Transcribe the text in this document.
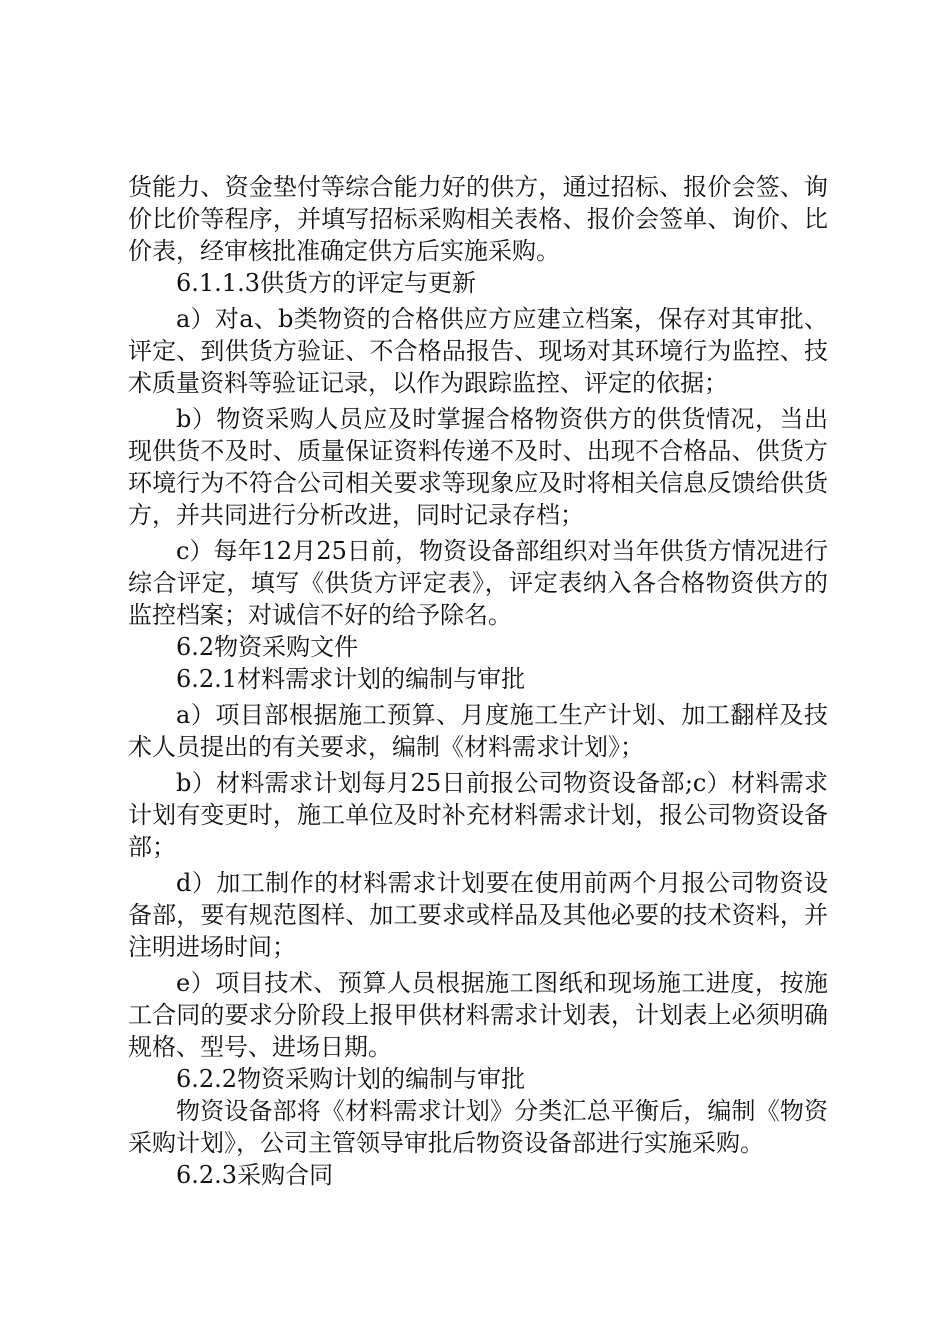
货能力、资金垫付等综合能力好的供方，通过招标、报价会签、询价比价等程序，并填写招标采购相关表格、报价会签单、询价、比价表，经审核批准确定供方后实施采购。

6.1.1.3供货方的评定与更新

a）对a、b类物资的合格供应方应建立档案，保存对其审批、评定、到供货方验证、不合格品报告、现场对其环境行为监控、技术质量资料等验证记录，以作为跟踪监控、评定的依据；

b）物资采购人员应及时掌握合格物资供方的供货情况，当出现供货不及时、质量保证资料传递不及时、出现不合格品、供货方环境行为不符合公司相关要求等现象应及时将相关信息反馈给供货方，并共同进行分析改进，同时记录存档；

c）每年12月25日前，物资设备部组织对当年供货方情况进行综合评定，填写《供货方评定表》，评定表纳入各合格物资供方的监控档案；对诚信不好的给予除名。

6.2物资采购文件

6.2.1材料需求计划的编制与审批

a）项目部根据施工预算、月度施工生产计划、加工翻样及技术人员提出的有关要求，编制《材料需求计划》；

b）材料需求计划每月25日前报公司物资设备部;c）材料需求计划有变更时，施工单位及时补充材料需求计划，报公司物资设备部；

d）加工制作的材料需求计划要在使用前两个月报公司物资设备部，要有规范图样、加工要求或样品及其他必要的技术资料，并注明进场时间；

e）项目技术、预算人员根据施工图纸和现场施工进度，按施工合同的要求分阶段上报甲供材料需求计划表，计划表上必须明确规格、型号、进场日期。

6.2.2物资采购计划的编制与审批

物资设备部将《材料需求计划》分类汇总平衡后，编制《物资采购计划》，公司主管领导审批后物资设备部进行实施采购。

6.2.3采购合同
